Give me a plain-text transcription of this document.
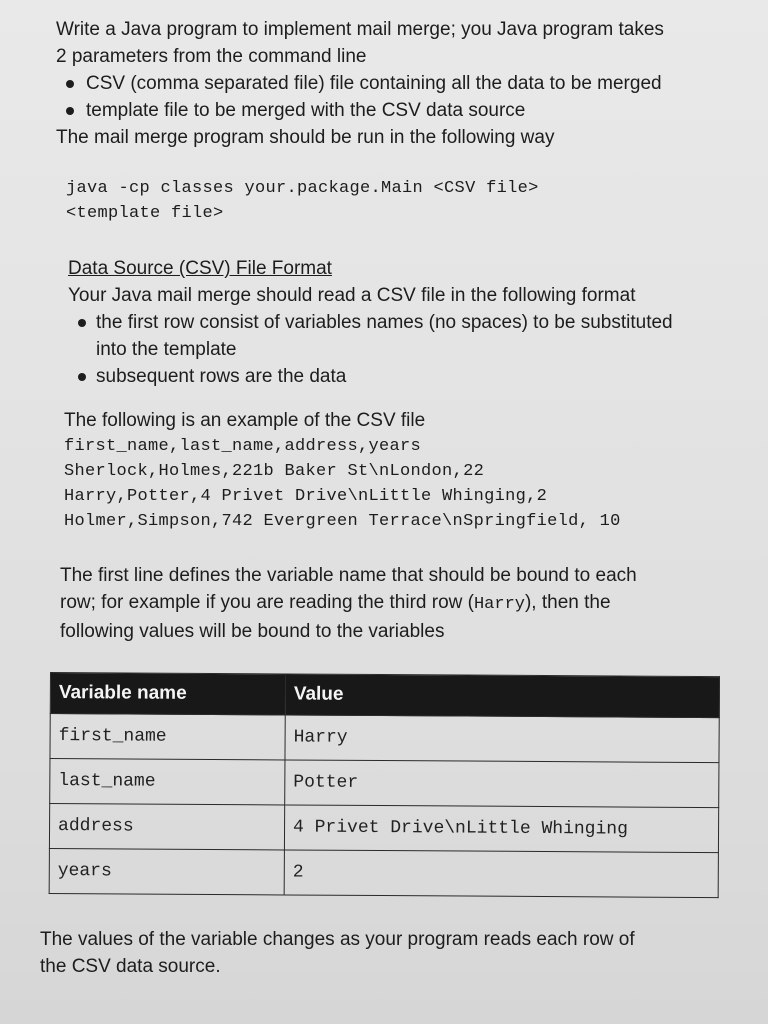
Write a Java program to implement mail merge; you Java program takes

2 parameters from the command line

CSV (comma separated file) file containing all the data to be merged
template file to be merged with the CSV data source

The mail merge program should be run in the following way

java -cp classes your.package.Main <CSV file>
<template file>
Data Source (CSV) File Format
Your Java mail merge should read a CSV file in the following format
the first row consist of variables names (no spaces) to be substituted
into the template
subsequent rows are the data
The following is an example of the CSV file
first_name,last_name,address,years
Sherlock,Holmes,221b Baker St\nLondon,22
Harry,Potter,4 Privet Drive\nLittle Whinging,2
Holmer,Simpson,742 Evergreen Terrace\nSpringfield, 10

The first line defines the variable name that should be bound to each

row; for example if you are reading the third row (Harry), then the

following values will be bound to the variables

Variable name	Value
first_name	Harry
last_name	Potter
address	4 Privet Drive\nLittle Whinging
years	2

The values of the variable changes as your program reads each row of

the CSV data source.
